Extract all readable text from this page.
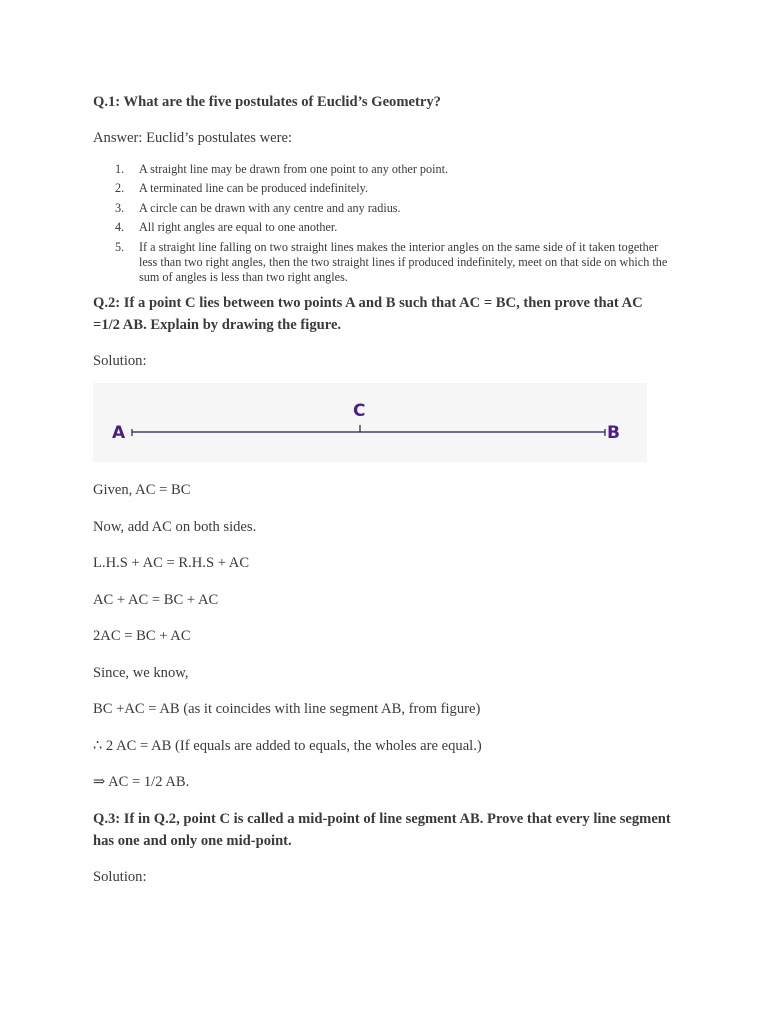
Q.1: What are the five postulates of Euclid’s Geometry?
Answer: Euclid’s postulates were:
1. A straight line may be drawn from one point to any other point.
2. A terminated line can be produced indefinitely.
3. A circle can be drawn with any centre and any radius.
4. All right angles are equal to one another.
5. If a straight line falling on two straight lines makes the interior angles on the same side of it taken together less than two right angles, then the two straight lines if produced indefinitely, meet on that side on which the sum of angles is less than two right angles.
Q.2: If a point C lies between two points A and B such that AC = BC, then prove that AC =1/2 AB. Explain by drawing the figure.
Solution:
A
C
B
Given, AC = BC
Now, add AC on both sides.
L.H.S + AC = R.H.S + AC
AC + AC = BC + AC
2AC = BC + AC
Since, we know,
BC +AC = AB (as it coincides with line segment AB, from figure)
∴ 2 AC = AB (If equals are added to equals, the wholes are equal.)
⇒ AC = 1/2 AB.
Q.3: If in Q.2, point C is called a mid-point of line segment AB. Prove that every line segment has one and only one mid-point.
Solution:
